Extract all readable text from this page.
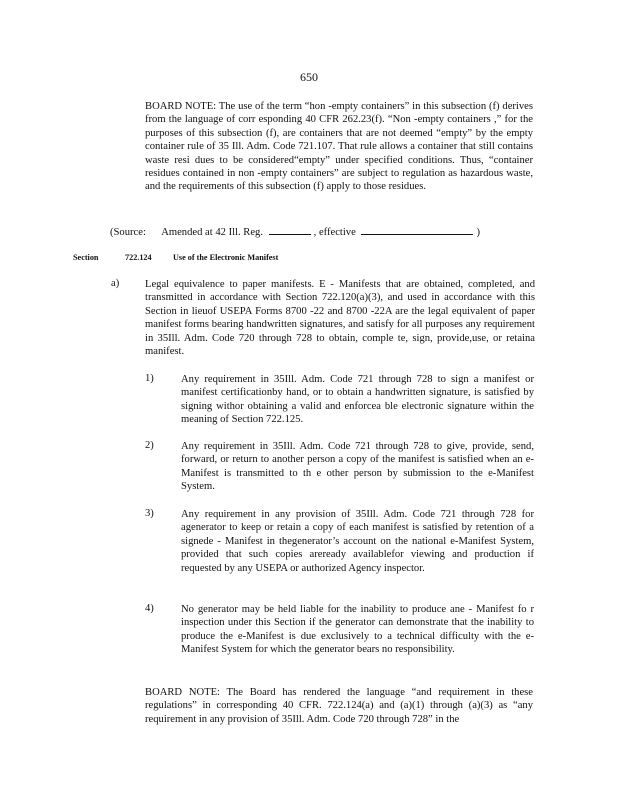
650
BOARD NOTE: The use of the term “hon -empty containers” in this subsection (f) derives from the language of corr esponding 40 CFR 262.23(f). “Non -empty containers ,” for the purposes of this subsection (f), are containers that are not deemed “empty” by the empty container rule of 35 Ill. Adm. Code 721.107. That rule allows a container that still contains waste resi dues to be considered“empty” under specified conditions. Thus, “container residues contained in non -empty containers” are subject to regulation as hazardous waste, and the requirements of this subsection (f) apply to those residues.
(Source: Amended at 42 Ill. Reg.	, effective	)
Section	722.124	Use of the Electronic Manifest
a) Legal equivalence to paper manifests. E - Manifests that are obtained, completed, and transmitted in accordance with Section 722.120(a)(3), and used in accordance with this Section in lieuof USEPA Forms 8700 -22 and 8700 -22A are the legal equivalent of paper manifest forms bearing handwritten signatures, and satisfy for all purposes any requirement in 35Ill. Adm. Code 720 through 728 to obtain, comple te, sign, provide,use, or retaina manifest.
1)	Any requirement in 35Ill. Adm. Code 721 through 728 to sign a manifest or manifest certificationby hand, or to obtain a handwritten signature, is satisfied by signing withor obtaining a valid and enforcea ble electronic signature within the meaning of Section 722.125.
2)	Any requirement in 35Ill. Adm. Code 721 through 728 to give, provide, send, forward, or return to another person a copy of the manifest is satisfied when an e-Manifest is transmitted to th e other person by submission to the e-Manifest System.
3)	Any requirement in any provision of 35Ill. Adm. Code 721 through 728 for agenerator to keep or retain a copy of each manifest is satisfied by retention of a signede - Manifest in thegenerator’s account on the national e-Manifest System, provided that such copies areready availablefor viewing and production if requested by any USEPA or authorized Agency inspector.
4)	No generator may be held liable for the inability to produce ane - Manifest fo r inspection under this Section if the generator can demonstrate that the inability to produce the e-Manifest is due exclusively to a technical difficulty with the e-Manifest System for which the generator bears no responsibility.
BOARD NOTE: The Board has rendered the language “and requirement in these regulations” in corresponding 40 CFR. 722.124(a) and (a)(1) through (a)(3) as “any requirement in any provision of 35Ill. Adm. Code 720 through 728” in the
